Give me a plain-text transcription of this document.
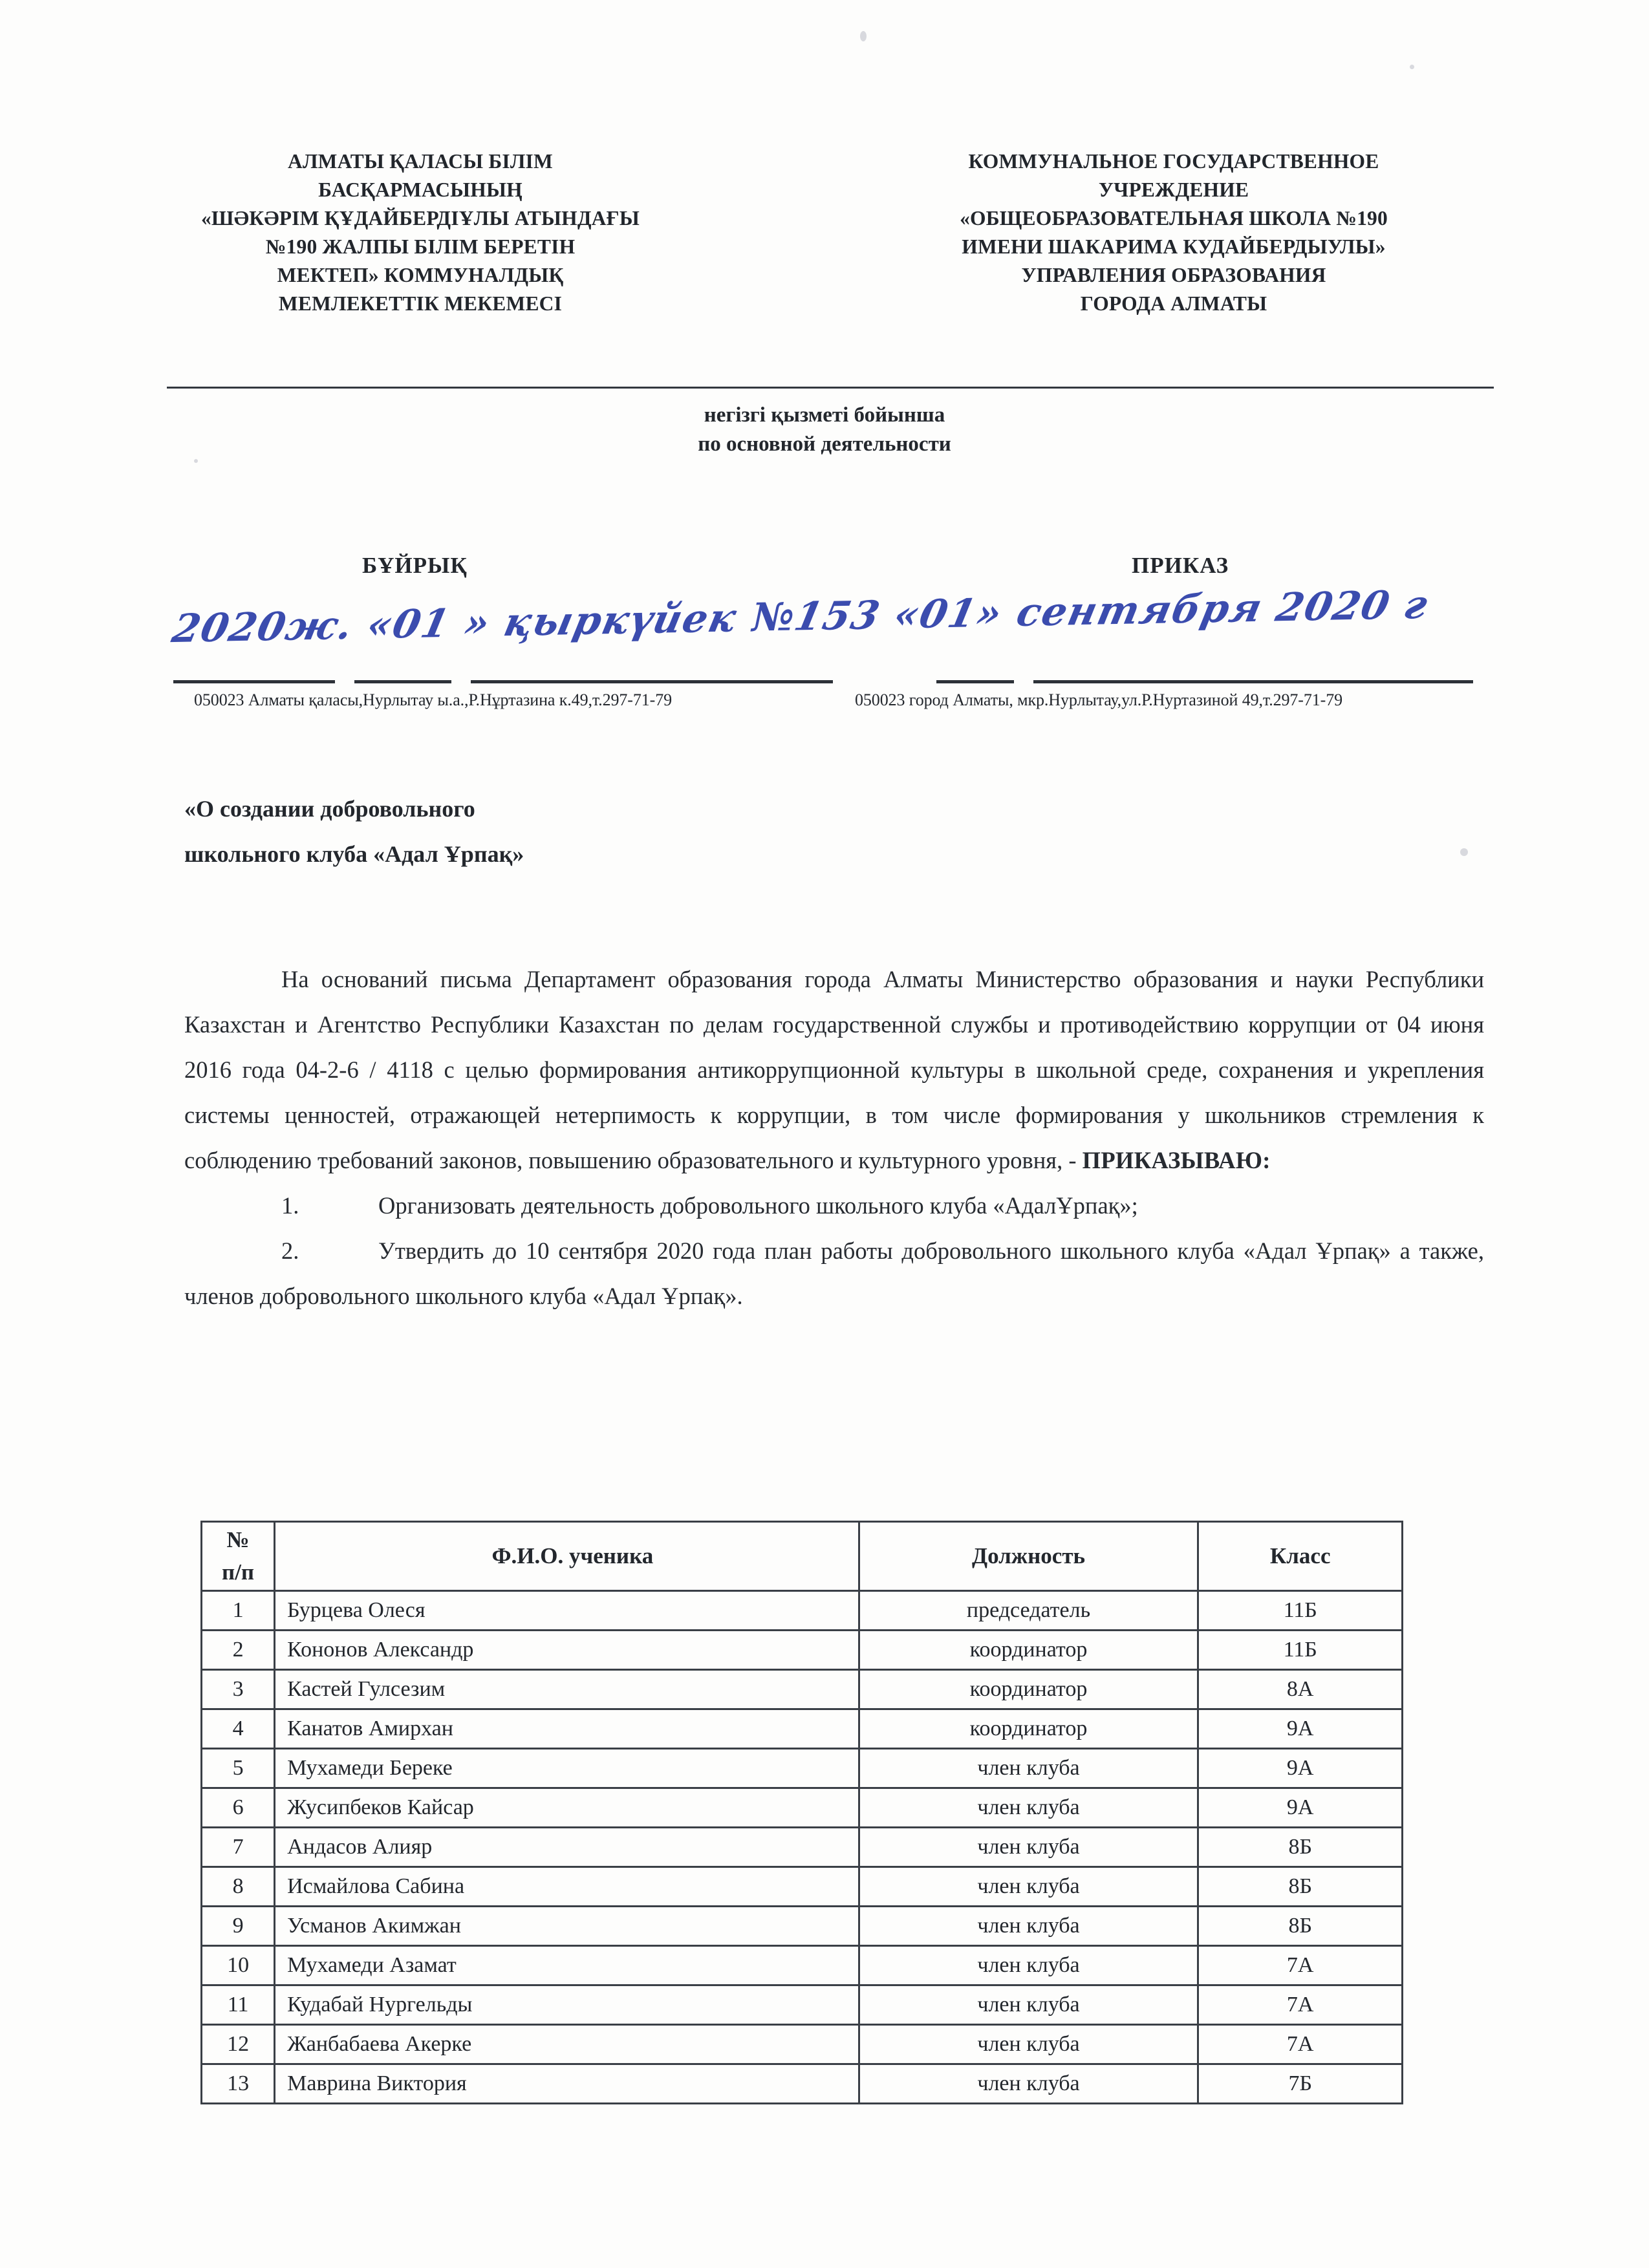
АЛМАТЫ ҚАЛАСЫ БІЛІМ
БАСҚАРМАСЫНЫҢ
«ШӘКӘРІМ ҚҰДАЙБЕРДІҰЛЫ АТЫНДАҒЫ
№190 ЖАЛПЫ БІЛІМ БЕРЕТІН
МЕКТЕП» КОММУНАЛДЫҚ
МЕМЛЕКЕТТІК МЕКЕМЕСІ
КОММУНАЛЬНОЕ ГОСУДАРСТВЕННОЕ
УЧРЕЖДЕНИЕ
«ОБЩЕОБРАЗОВАТЕЛЬНАЯ ШКОЛА №190
ИМЕНИ ШАКАРИМА КУДАЙБЕРДЫУЛЫ»
УПРАВЛЕНИЯ ОБРАЗОВАНИЯ
ГОРОДА АЛМАТЫ
негізгі қызметі бойынша
по основной деятельности
БҰЙРЫҚ	ПРИКАЗ
2020ж. «01 » қыркүйек №153 «01» сентября 2020 г
050023 Алматы қаласы,Нурлытау ы.а.,Р.Нұртазина к.49,т.297-71-79	050023 город Алматы, мкр.Нурлытау,ул.Р.Нуртазиной 49,т.297-71-79
«О создании добровольного
школьного клуба «Адал Ұрпақ»

На оснований письма Департамент образования города Алматы Министерство образования и науки Республики Казахстан и Агентство Республики Казахстан по делам государственной службы и противодействию коррупции от 04 июня 2016 года 04-2-6 / 4118 с целью формирования антикоррупционной культуры в школьной среде, сохранения и укрепления системы ценностей, отражающей нетерпимость к коррупции, в том числе формирования у школьников стремления к соблюдению требований законов, повышению образовательного и культурного уровня, - ПРИКАЗЫВАЮ:

1.	Организовать деятельность добровольного школьного клуба «АдалҰрпақ»;

2.	Утвердить до 10 сентября 2020 года план работы добровольного школьного клуба «Адал Ұрпақ» а также, членов добровольного школьного клуба «Адал Ұрпақ».

№
п/п	Ф.И.О. ученика	Должность	Класс
1	Бурцева Олеся	председатель	11Б
2	Кононов Александр	координатор	11Б
3	Кастей Гулсезим	координатор	8А
4	Канатов Амирхан	координатор	9А
5	Мухамеди Береке	член клуба	9А
6	Жусипбеков Кайсар	член клуба	9А
7	Андасов Алияр	член клуба	8Б
8	Исмайлова Сабина	член клуба	8Б
9	Усманов Акимжан	член клуба	8Б
10	Мухамеди Азамат	член клуба	7А
11	Кудабай Нургельды	член клуба	7А
12	Жанбабаева Акерке	член клуба	7А
13	Маврина Виктория	член клуба	7Б
